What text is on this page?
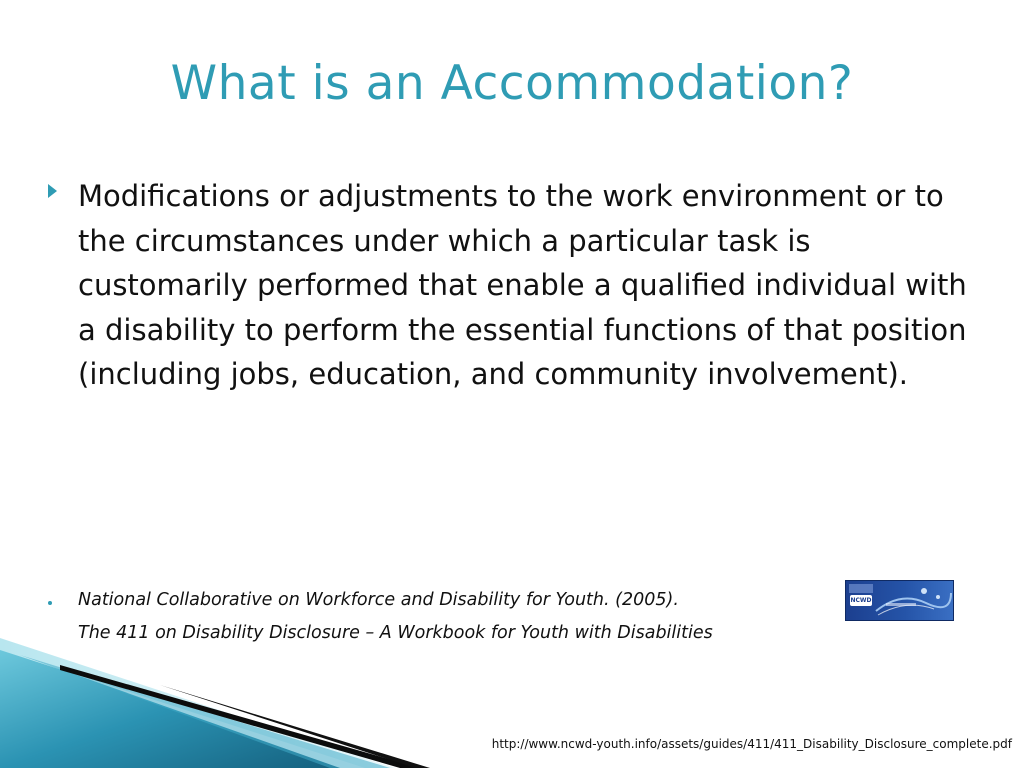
What is an Accommodation?
Modifications or adjustments to the work environment or to the circumstances under which a particular task is customarily performed that enable a qualified individual with a disability to perform the essential functions of that position (including jobs, education, and community involvement).
National Collaborative on Workforce and Disability for Youth. (2005).
The 411 on Disability Disclosure – A Workbook for Youth with Disabilities
NCWD
http://www.ncwd-youth.info/assets/guides/411/411_Disability_Disclosure_complete.pdf
